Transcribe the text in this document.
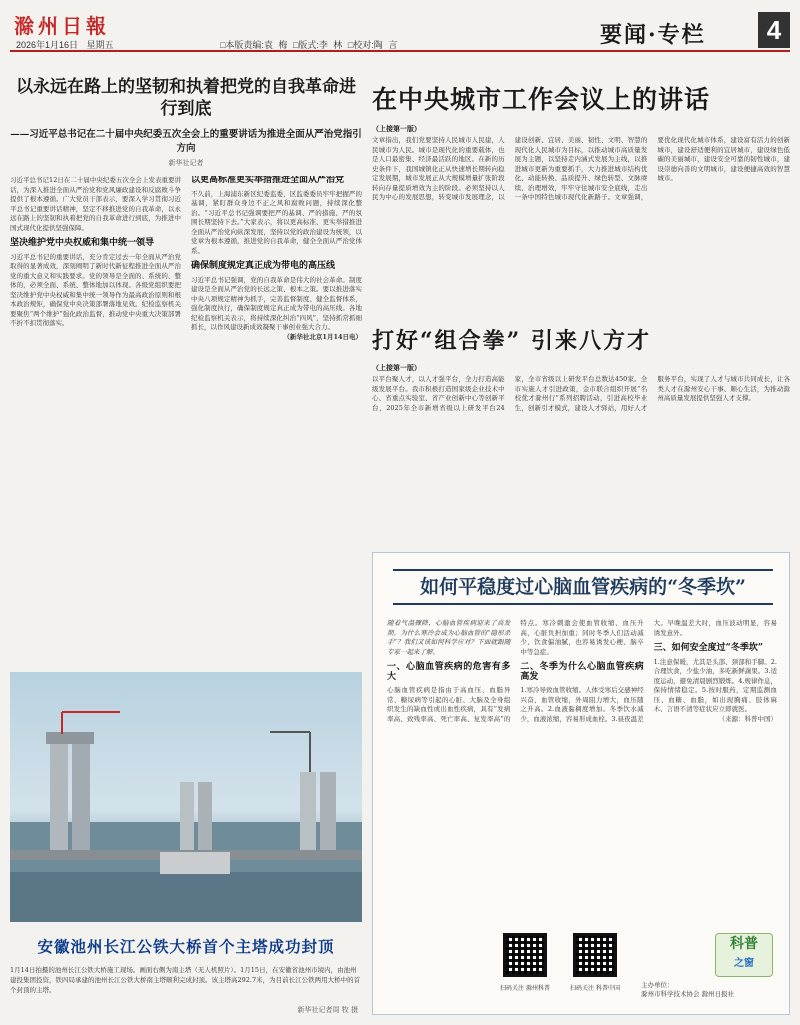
滁州日報
2026年1月16日 星期五	□本版责编:袁 梅 □版式:李 林 □校对:陶 言	要闻·专栏	4
以永远在路上的坚韧和执着把党的自我革命进行到底
——习近平总书记在二十届中央纪委五次全会上的重要讲话为推进全面从严治党指引方向
新华社记者

习近平总书记12日在二十届中央纪委五次全会上发表重要讲话，为深入推进全面从严治党和党风廉政建设和反腐败斗争提供了根本遵循。广大党员干部表示，要深入学习贯彻习近平总书记重要讲话精神，坚定不移推进党的自我革命，以永远在路上的坚韧和执着把党的自我革命进行到底，为推进中国式现代化提供坚强保障。

坚决维护党中央权威和集中统一领导

习近平总书记的重要讲话，充分肯定过去一年全面从严治党取得的显著成效，深刻阐明了新时代新征程推进全面从严治党的重大意义和实践要求。党的领导是全面的、系统的、整体的，必须全面、系统、整体地加以体现。各级党组织要把坚决维护党中央权威和集中统一领导作为最高政治原则和根本政治规矩，确保党中央决策部署落地见效。纪检监察机关要聚焦“两个维护”强化政治监督，推动党中央重大决策部署不折不扣贯彻落实。

以更高标准更实举措推进全面从严治党

不久前，上海浦东新区纪委监委，区监委委员牢牢把握严的基调，紧盯群众身边不正之风和腐败问题，持续深化整治。“习近平总书记强调要把严的基调、严的措施、严的氛围长期坚持下去。”大家表示，将以更高标准、更实举措推进全面从严治党向纵深发展，坚持以党的政治建设为统领，以党章为根本遵循，推进党的自我革命，健全全面从严治党体系。

确保制度规定真正成为带电的高压线

习近平总书记强调，党的自我革命是伟大的社会革命。制度建设是全面从严治党的长远之策、根本之策。要以推进落实中央八项规定精神为抓手，完善监督制度、健全监督体系，强化制度执行，确保制度规定真正成为带电的高压线。各地纪检监察机关表示，将持续深化纠治“四风”，坚持抓常抓细抓长，以作风建设新成效凝聚干事创业强大合力。

（新华社北京1月14日电）

安徽池州长江公铁大桥首个主塔成功封顶
1月14日拍摄的池州长江公铁大桥施工现场。画面右侧为南主塔（无人机照片）。1月15日，在安徽省池州市境内，由池州建投集团投资，铁四局承建的池州长江公铁大桥南主塔顺利完成封顶。该主塔高292.7米，为目前长江公铁两用大桥中的首个封顶的主塔。
新华社记者周 牧 摄
在中央城市工作会议上的讲话
（上接第一版）
文章指出，我们党要坚持人民城市人民建，人民城市为人民。城市是现代化的重要载体，也是人口最密集、经济最活跃的地区。在新的历史条件下，我国城镇化正从快速增长期转向稳定发展期，城市发展正从大规模增量扩张阶段转向存量提质增效为主的阶段。必须坚持以人民为中心的发展思想，转变城市发展理念，以建设创新、宜居、美丽、韧性、文明、智慧的现代化人民城市为目标，以推动城市高质量发展为主题，以坚持走内涵式发展为主线，以推进城市更新为重要抓手，大力推进城市结构优化、动能转换、品质提升、绿色转型、文脉赓续、治理增效，牢牢守住城市安全底线，走出一条中国特色城市现代化新路子。文章强调，要优化现代化城市体系，建设富有活力的创新城市，建设舒适便利的宜居城市，建设绿色低碳的美丽城市，建设安全可靠的韧性城市，建设崇德向善的文明城市，建设便捷高效的智慧城市。
打好“组合拳” 引来八方才
（上接第一版）
以平台聚人才，以人才强平台，全力打造高能级发展平台。我市积极打造国家级企业技术中心、省重点实验室、省产业创新中心等创新平台，2025年全市新增省级以上研发平台24家，全市省级以上研发平台总数达450家。全市实施人才引进政策，金市联合组织开展“名校优才滁州行”系列招聘活动，引进高校毕业生，创新引才模式，建设人才驿站，用好人才服务平台，实现了人才与城市共同成长，让各类人才在滁州安心干事、顺心生活，为推动滁州高质量发展提供坚强人才支撑。
如何平稳度过心脑血管疾病的“冬季坎”

随着气温骤降，心脑血管疾病迎来了高发期。为什么寒冷会成为心脑血管的“隐形杀手”？我们又该如何科学应对？下面就跟随专家一起来了解。

一、心脑血管疾病的危害有多大

心脑血管疾病是指由于高血压、血脂异常、糖尿病等引起的心脏、大脑及全身组织发生的缺血性或出血性疾病，具有“发病率高、致残率高、死亡率高、复发率高”的特点。寒冷刺激会使血管收缩、血压升高，心脏负担加重；同时冬季人们活动减少、饮食偏油腻，也容易诱发心梗、脑卒中等急症。

二、冬季为什么心脑血管疾病高发

1.寒冷导致血管收缩。人体受寒后交感神经兴奋，血管收缩，外周阻力增大，血压随之升高。2.血液黏稠度增加。冬季饮水减少，血液浓缩，容易形成血栓。3.昼夜温差大。早晚温差大时，血压波动明显，容易诱发意外。

三、如何安全度过“冬季坎”

1.注意保暖，尤其是头部、颈部和手脚。2.合理饮食，少盐少油，多吃新鲜蔬果。3.适度运动，避免清晨剧烈锻炼。4.规律作息，保持情绪稳定。5.按时服药，定期监测血压、血糖、血脂，如出现胸痛、肢体麻木、言语不清等症状应立即就医。

（来源：科普中国）

扫码关注 滁州科普	扫码关注 科普中国
科普
之窗
主办单位：
滁州市科学技术协会 滁州日报社
